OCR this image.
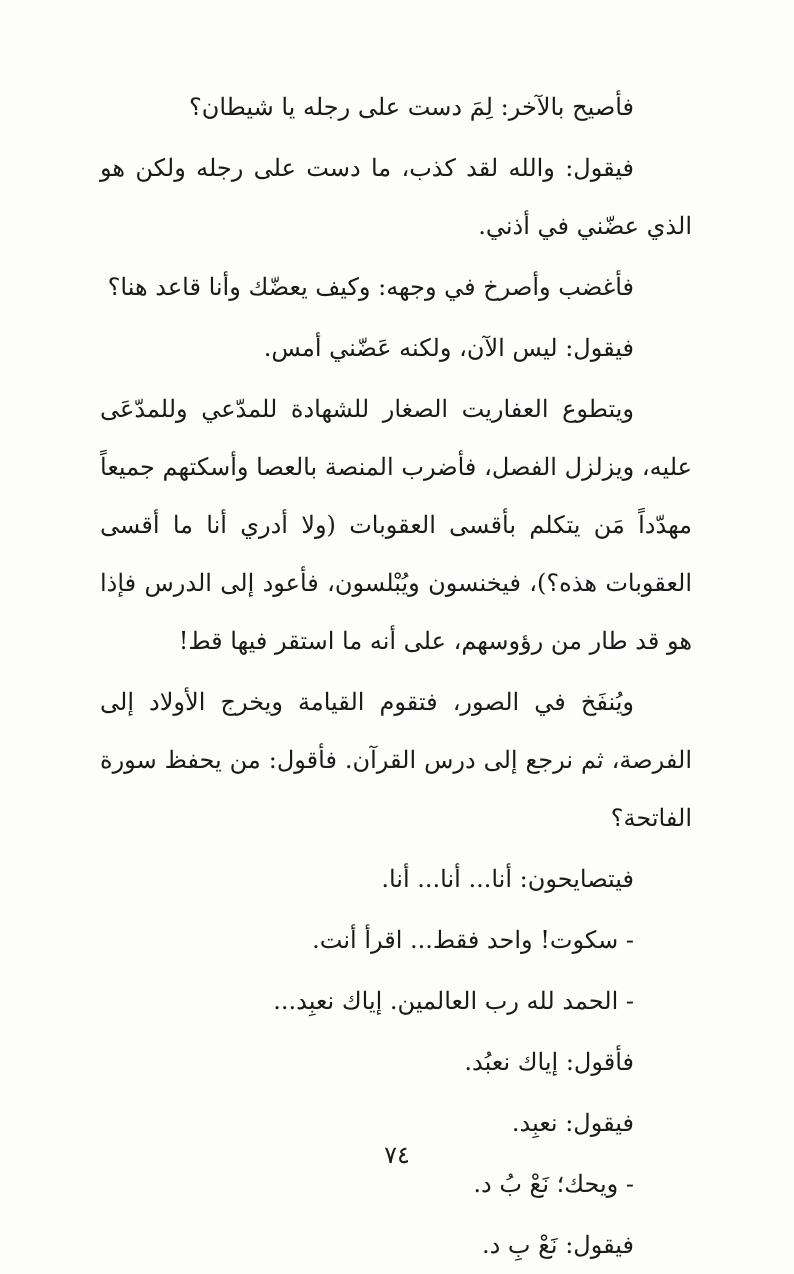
فأصيح بالآخر: لِمَ دست على رجله يا شيطان؟

فيقول: والله لقد كذب، ما دست على رجله ولكن هو الذي عضّني في أذني.

فأغضب وأصرخ في وجهه: وكيف يعضّك وأنا قاعد هنا؟

فيقول: ليس الآن، ولكنه عَضّني أمس.

ويتطوع العفاريت الصغار للشهادة للمدّعي وللمدّعَى عليه، ويزلزل الفصل، فأضرب المنصة بالعصا وأسكتهم جميعاً مهدّداً مَن يتكلم بأقسى العقوبات (ولا أدري أنا ما أقسى العقوبات هذه؟)، فيخنسون ويُبْلسون، فأعود إلى الدرس فإذا هو قد طار من رؤوسهم، على أنه ما استقر فيها قط!

ويُنفَخ في الصور، فتقوم القيامة ويخرج الأولاد إلى الفرصة، ثم نرجع إلى درس القرآن. فأقول: من يحفظ سورة الفاتحة؟

فيتصايحون: أنا... أنا... أنا.

- سكوت! واحد فقط... اقرأ أنت.

- الحمد لله رب العالمين. إياك نعبِد...

فأقول: إياك نعبُد.

فيقول: نعبِد.

- ويحك؛ نَعْ بُ د.

فيقول: نَعْ بِ د.

٧٤
